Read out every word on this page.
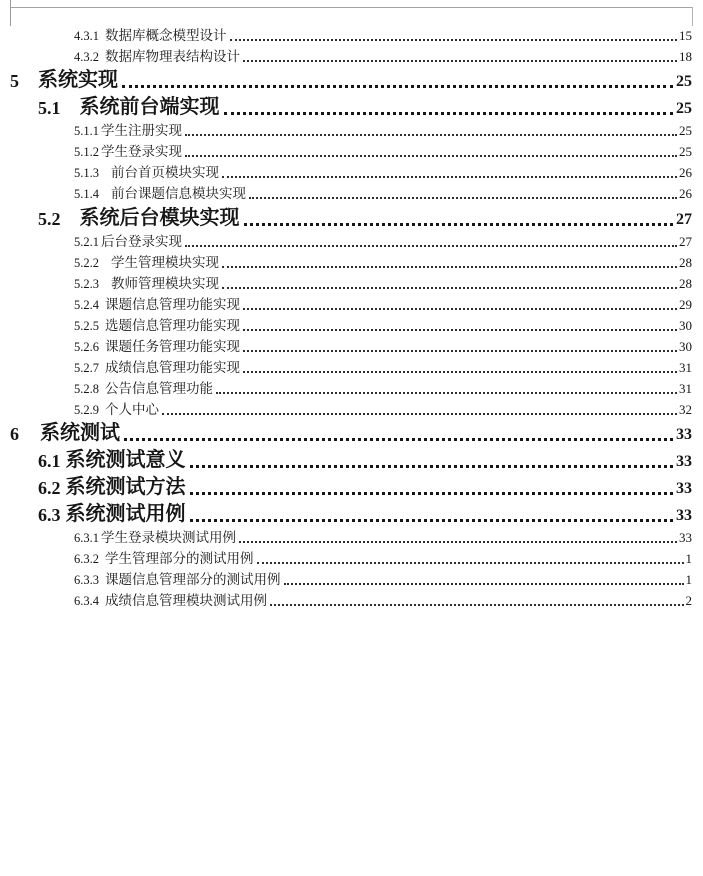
4.3.1 数据库概念模型设计	15
4.3.2 数据库物理表结构设计	18
5 系统实现	25
5.1 系统前台端实现	25
5.1.1 学生注册实现	25
5.1.2 学生登录实现	25
5.1.3 前台首页模块实现	26
5.1.4 前台课题信息模块实现	26
5.2 系统后台模块实现	27
5.2.1 后台登录实现	27
5.2.2 学生管理模块实现	28
5.2.3 教师管理模块实现	28
5.2.4 课题信息管理功能实现	29
5.2.5 选题信息管理功能实现	30
5.2.6 课题任务管理功能实现	30
5.2.7 成绩信息管理功能实现	31
5.2.8 公告信息管理功能	31
5.2.9 个人中心	32
6 系统测试	33
6.1 系统测试意义	33
6.2 系统测试方法	33
6.3 系统测试用例	33
6.3.1 学生登录模块测试用例	33
6.3.2 学生管理部分的测试用例	1
6.3.3 课题信息管理部分的测试用例	1
6.3.4 成绩信息管理模块测试用例	2
